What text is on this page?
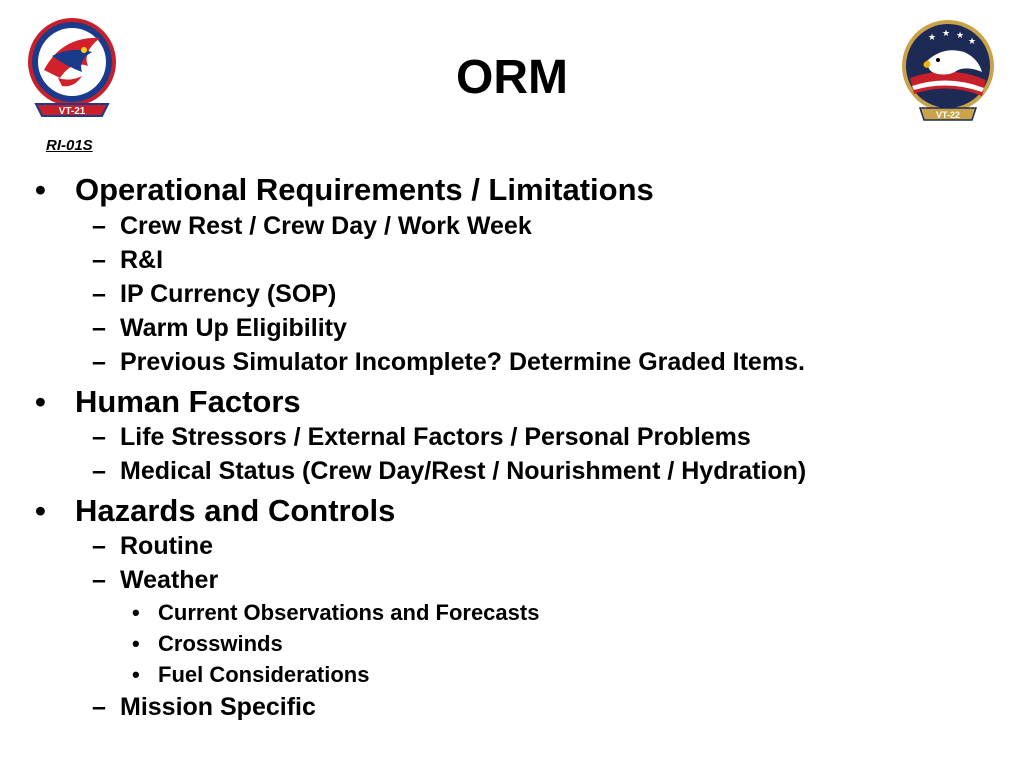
VT-21
★ ★ ★
★
VT-22
RI-01S
ORM
• Operational Requirements / Limitations
– Crew Rest / Crew Day / Work Week
– R&I
– IP Currency (SOP)
– Warm Up Eligibility
– Previous Simulator Incomplete? Determine Graded Items.
• Human Factors
– Life Stressors / External Factors / Personal Problems
– Medical Status (Crew Day/Rest / Nourishment / Hydration)
• Hazards and Controls
– Routine
– Weather
• Current Observations and Forecasts
• Crosswinds
• Fuel Considerations
– Mission Specific
